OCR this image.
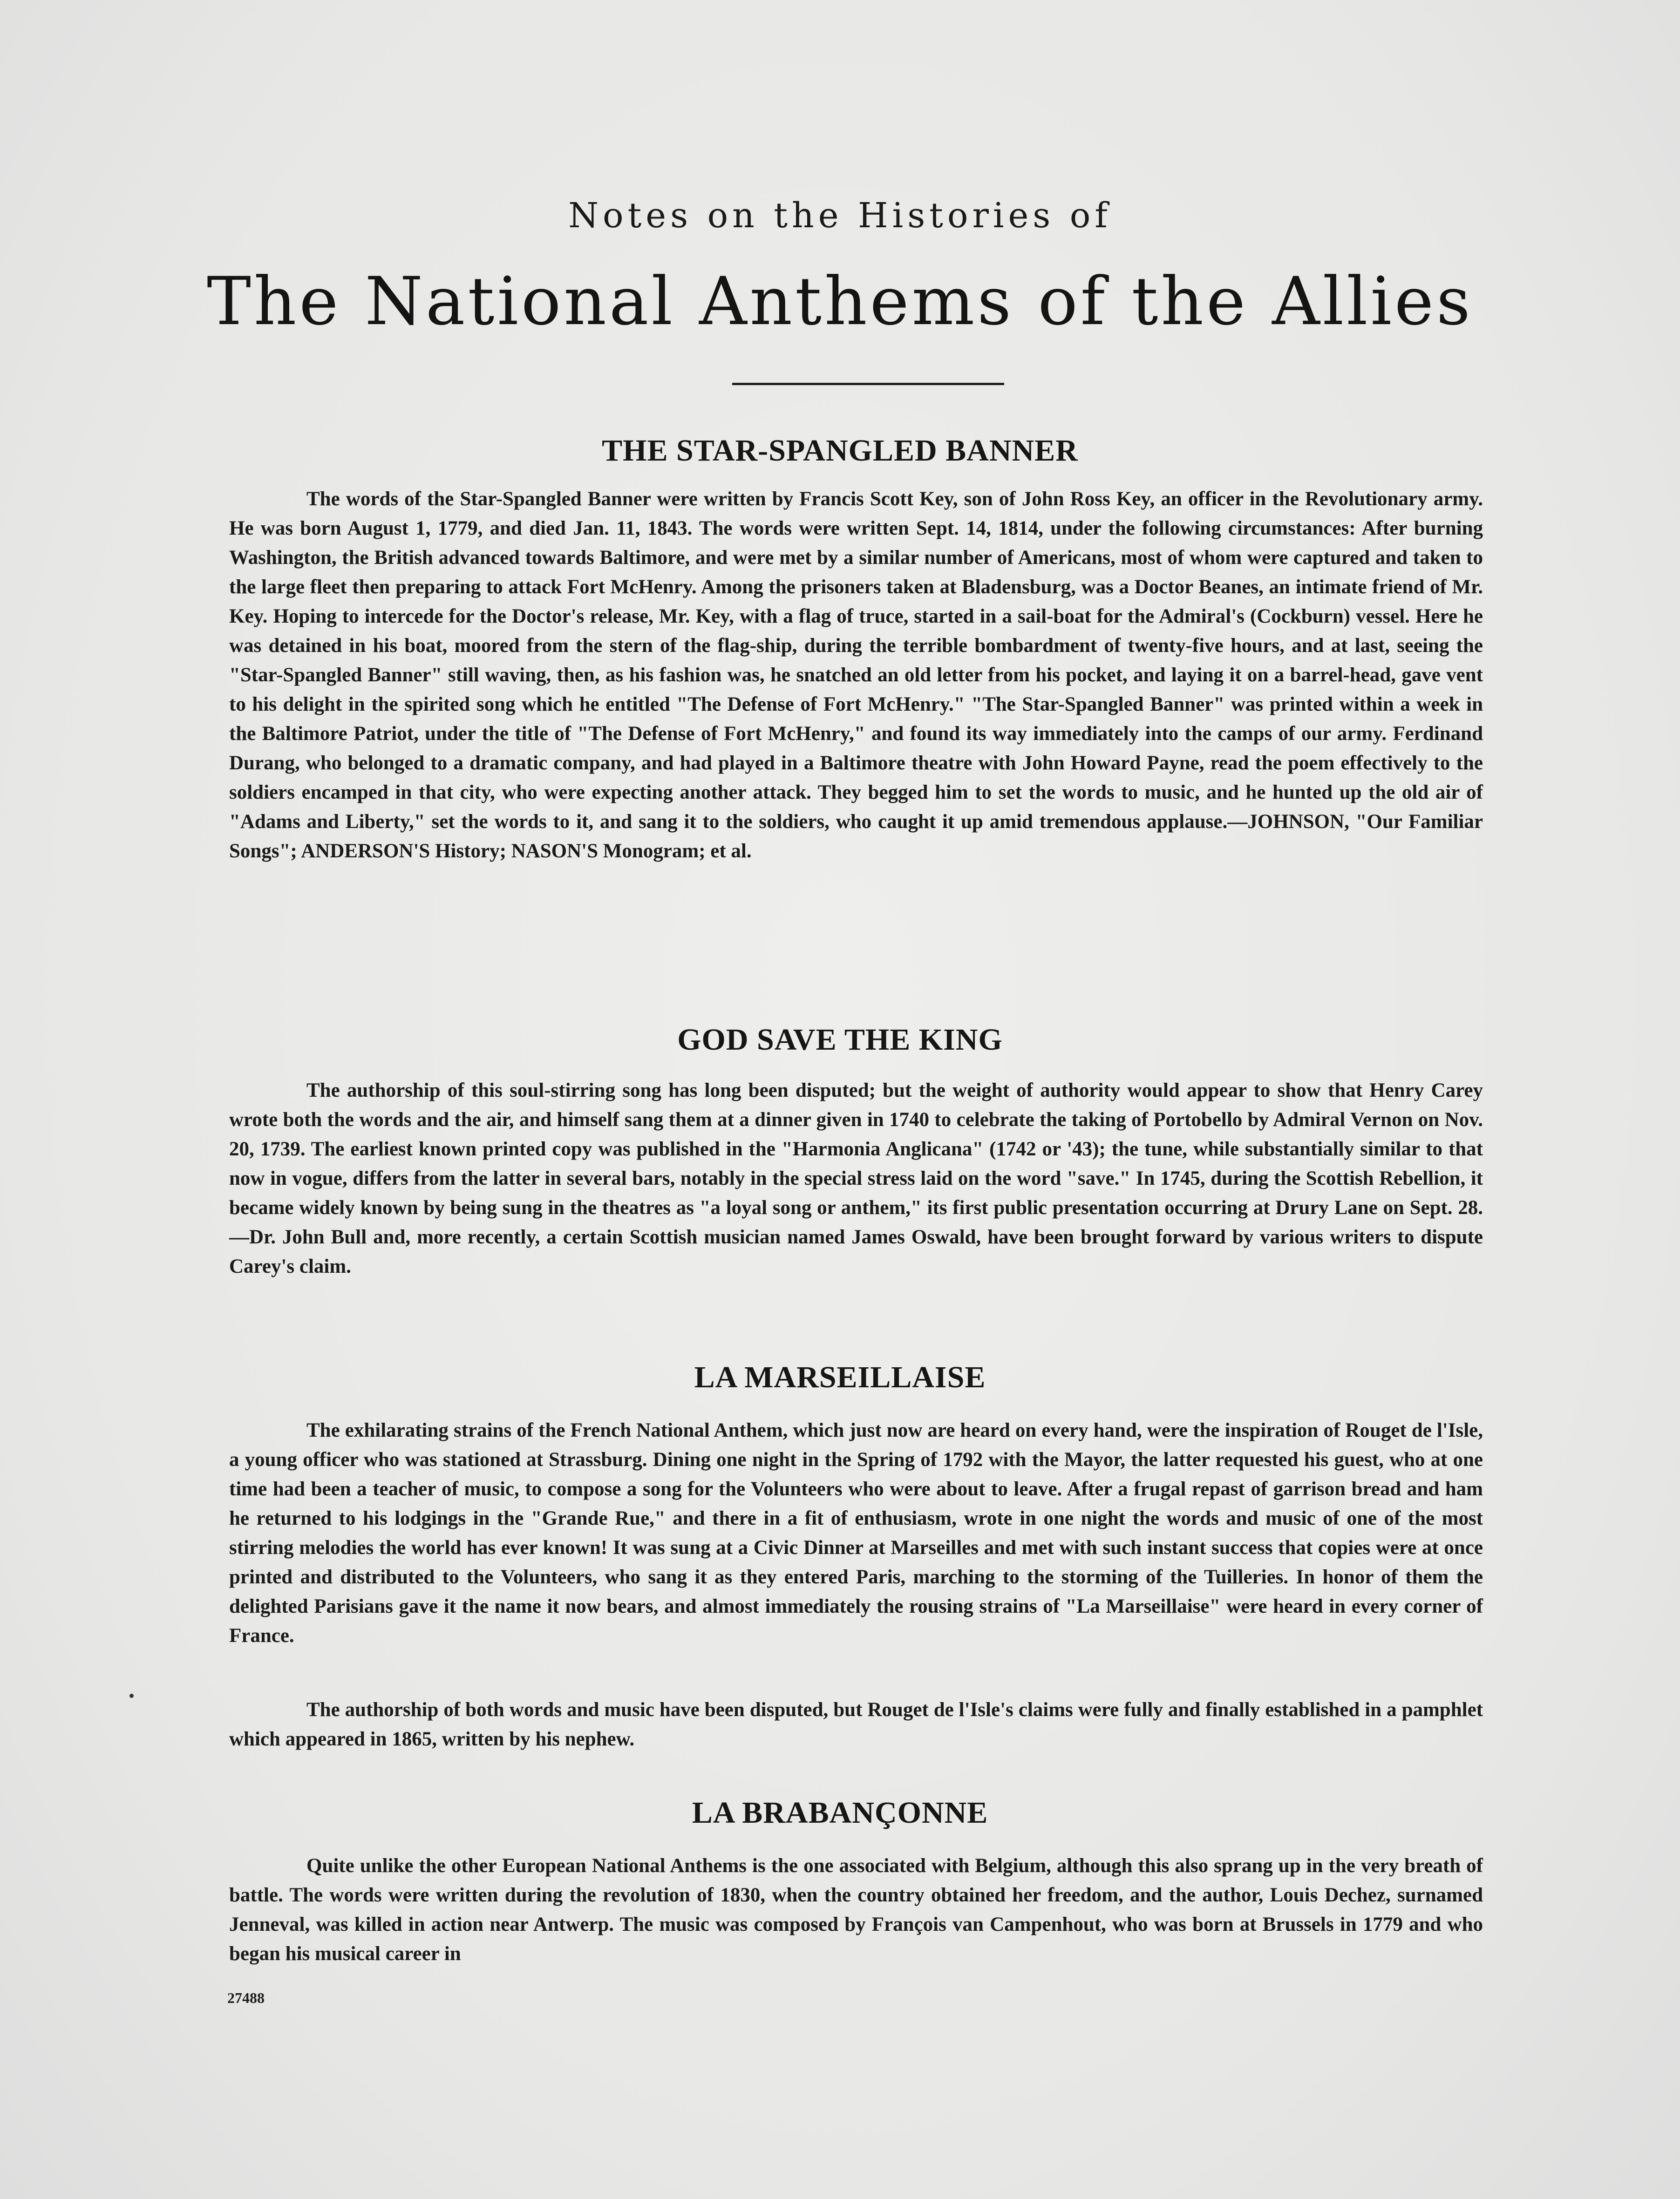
Notes on the Histories of
The National Anthems of the Allies
THE STAR-SPANGLED BANNER

The words of the Star-Spangled Banner were written by Francis Scott Key, son of John Ross Key, an officer in the Revolutionary army. He was born August 1, 1779, and died Jan. 11, 1843. The words were written Sept. 14, 1814, under the following circumstances: After burning Washington, the British advanced towards Baltimore, and were met by a similar number of Americans, most of whom were captured and taken to the large fleet then preparing to attack Fort McHenry. Among the prisoners taken at Bladensburg, was a Doctor Beanes, an intimate friend of Mr. Key. Hoping to intercede for the Doctor's release, Mr. Key, with a flag of truce, started in a sail-boat for the Admiral's (Cockburn) vessel. Here he was detained in his boat, moored from the stern of the flag-ship, during the terrible bombardment of twenty-five hours, and at last, seeing the "Star-Spangled Banner" still waving, then, as his fashion was, he snatched an old letter from his pocket, and laying it on a barrel-head, gave vent to his delight in the spirited song which he entitled "The Defense of Fort McHenry." "The Star-Spangled Banner" was printed within a week in the Baltimore Patriot, under the title of "The Defense of Fort McHenry," and found its way immediately into the camps of our army. Ferdinand Durang, who belonged to a dramatic company, and had played in a Baltimore theatre with John Howard Payne, read the poem effectively to the soldiers encamped in that city, who were expecting another attack. They begged him to set the words to music, and he hunted up the old air of "Adams and Liberty," set the words to it, and sang it to the soldiers, who caught it up amid tremendous applause.—JOHNSON, "Our Familiar Songs"; ANDERSON'S History; NASON'S Monogram; et al.

GOD SAVE THE KING

The authorship of this soul-stirring song has long been disputed; but the weight of authority would appear to show that Henry Carey wrote both the words and the air, and himself sang them at a dinner given in 1740 to celebrate the taking of Portobello by Admiral Vernon on Nov. 20, 1739. The earliest known printed copy was published in the "Harmonia Anglicana" (1742 or '43); the tune, while substantially similar to that now in vogue, differs from the latter in several bars, notably in the special stress laid on the word "save." In 1745, during the Scottish Rebellion, it became widely known by being sung in the theatres as "a loyal song or anthem," its first public presentation occurring at Drury Lane on Sept. 28.—Dr. John Bull and, more recently, a certain Scottish musician named James Oswald, have been brought forward by various writers to dispute Carey's claim.

LA MARSEILLAISE

The exhilarating strains of the French National Anthem, which just now are heard on every hand, were the inspiration of Rouget de l'Isle, a young officer who was stationed at Strassburg. Dining one night in the Spring of 1792 with the Mayor, the latter requested his guest, who at one time had been a teacher of music, to compose a song for the Volunteers who were about to leave. After a frugal repast of garrison bread and ham he returned to his lodgings in the "Grande Rue," and there in a fit of enthusiasm, wrote in one night the words and music of one of the most stirring melodies the world has ever known! It was sung at a Civic Dinner at Marseilles and met with such instant success that copies were at once printed and distributed to the Volunteers, who sang it as they entered Paris, marching to the storming of the Tuilleries. In honor of them the delighted Parisians gave it the name it now bears, and almost immediately the rousing strains of "La Marseillaise" were heard in every corner of France.

The authorship of both words and music have been disputed, but Rouget de l'Isle's claims were fully and finally established in a pamphlet which appeared in 1865, written by his nephew.

LA BRABANÇONNE

Quite unlike the other European National Anthems is the one associated with Belgium, although this also sprang up in the very breath of battle. The words were written during the revolution of 1830, when the country obtained her freedom, and the author, Louis Dechez, surnamed Jenneval, was killed in action near Antwerp. The music was composed by François van Campenhout, who was born at Brussels in 1779 and who began his musical career in

27488
